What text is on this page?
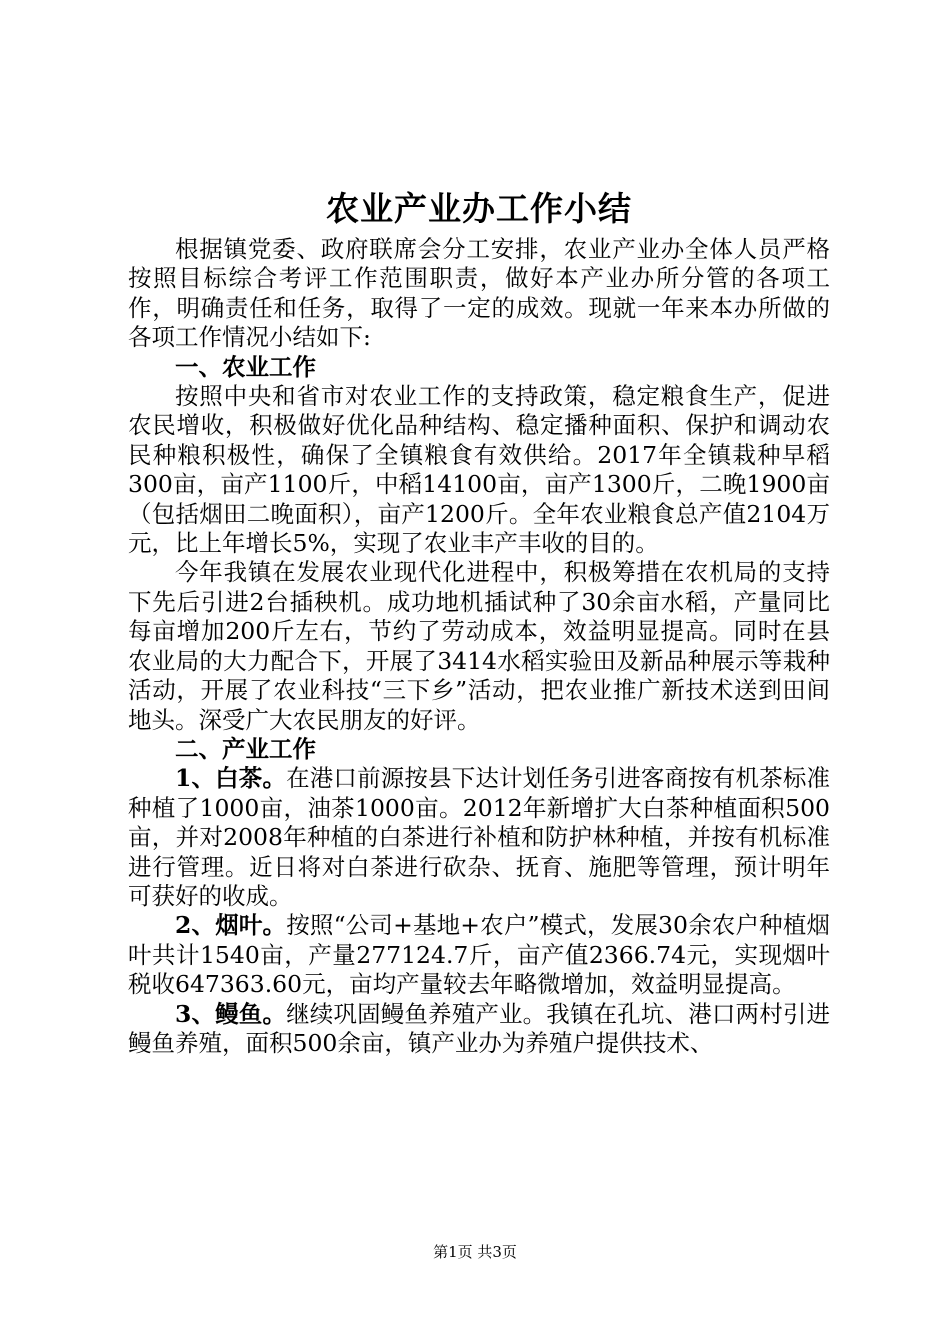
农业产业办工作小结

根据镇党委、政府联席会分工安排，农业产业办全体人员严格按照目标综合考评工作范围职责，做好本产业办所分管的各项工作，明确责任和任务，取得了一定的成效。现就一年来本办所做的各项工作情况小结如下:

一、农业工作

按照中央和省市对农业工作的支持政策，稳定粮食生产，促进农民增收，积极做好优化品种结构、稳定播种面积、保护和调动农民种粮积极性，确保了全镇粮食有效供给。2017年全镇栽种早稻300亩，亩产1100斤，中稻14100亩，亩产1300斤，二晚1900亩（包括烟田二晚面积），亩产1200斤。全年农业粮食总产值2104万元，比上年增长5%，实现了农业丰产丰收的目的。

今年我镇在发展农业现代化进程中，积极筹措在农机局的支持下先后引进2台插秧机。成功地机插试种了30余亩水稻，产量同比每亩增加200斤左右，节约了劳动成本，效益明显提高。同时在县农业局的大力配合下，开展了3414水稻实验田及新品种展示等栽种活动，开展了农业科技“三下乡”活动，把农业推广新技术送到田间地头。深受广大农民朋友的好评。

二、产业工作

1、白茶。在港口前源按县下达计划任务引进客商按有机茶标准种植了1000亩，油茶1000亩。2012年新增扩大白茶种植面积500亩，并对2008年种植的白茶进行补植和防护林种植，并按有机标准进行管理。近日将对白茶进行砍杂、抚育、施肥等管理，预计明年可获好的收成。

2、烟叶。按照“公司+基地+农户”模式，发展30余农户种植烟叶共计1540亩，产量277124.7斤，亩产值2366.74元，实现烟叶税收647363.60元，亩均产量较去年略微增加，效益明显提高。

3、鳗鱼。继续巩固鳗鱼养殖产业。我镇在孔坑、港口两村引进鳗鱼养殖，面积500余亩，镇产业办为养殖户提供技术、

第1页 共3页
